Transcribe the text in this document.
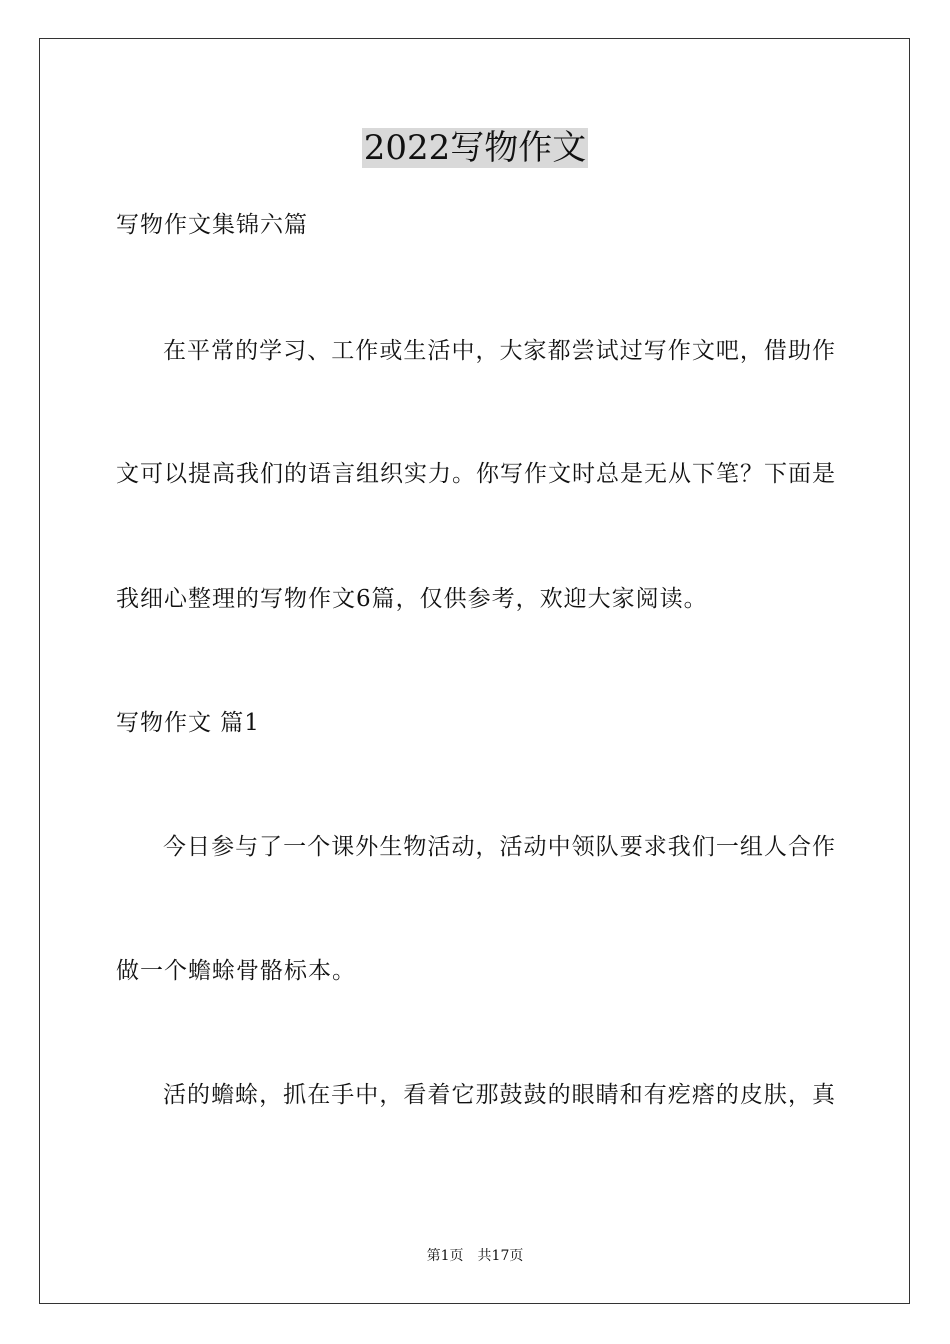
2022写物作文

写物作文集锦六篇

在平常的学习、工作或生活中，大家都尝试过写作文吧，借助作

文可以提高我们的语言组织实力。你写作文时总是无从下笔？下面是

我细心整理的写物作文6篇，仅供参考，欢迎大家阅读。

写物作文 篇1

今日参与了一个课外生物活动，活动中领队要求我们一组人合作

做一个蟾蜍骨骼标本。

活的蟾蜍，抓在手中，看着它那鼓鼓的眼睛和有疙瘩的皮肤，真

第1页 共17页
